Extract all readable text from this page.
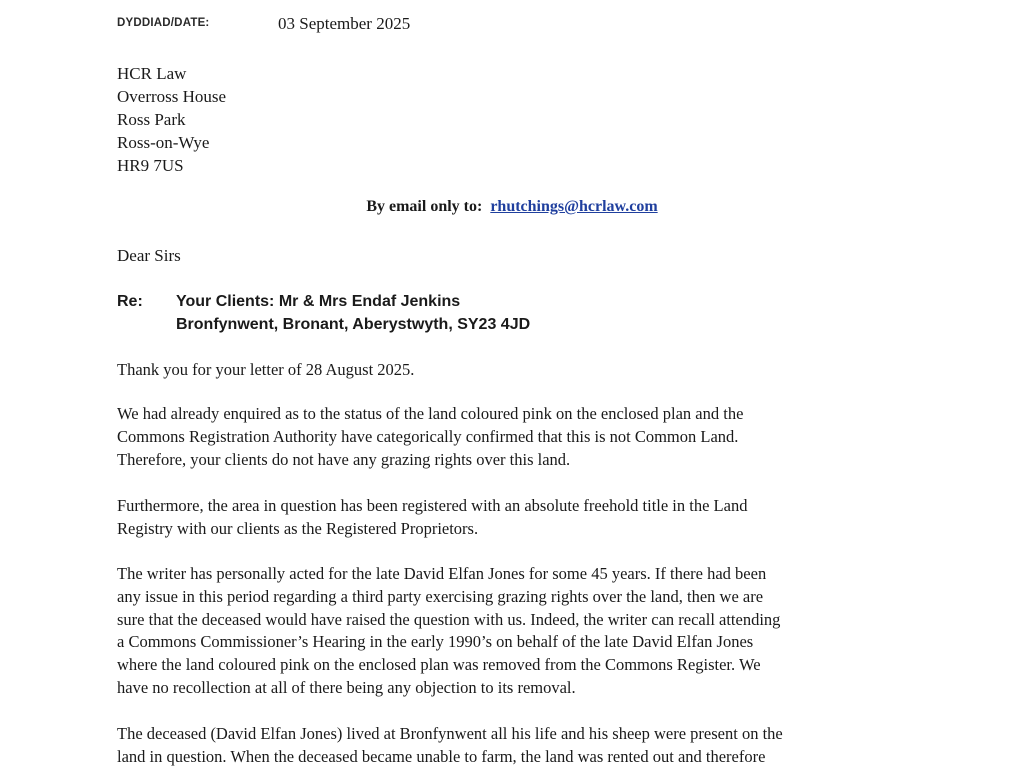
DYDDIAD/DATE:	03 September 2025
HCR Law
Overross House
Ross Park
Ross-on-Wye
HR9 7US
By email only to: rhutchings@hcrlaw.com
Dear Sirs
Re: Your Clients: Mr & Mrs Endaf Jenkins
Bronfynwent, Bronant, Aberystwyth, SY23 4JD
Thank you for your letter of 28 August 2025.
We had already enquired as to the status of the land coloured pink on the enclosed plan and the
Commons Registration Authority have categorically confirmed that this is not Common Land.
Therefore, your clients do not have any grazing rights over this land.
Furthermore, the area in question has been registered with an absolute freehold title in the Land
Registry with our clients as the Registered Proprietors.
The writer has personally acted for the late David Elfan Jones for some 45 years. If there had been
any issue in this period regarding a third party exercising grazing rights over the land, then we are
sure that the deceased would have raised the question with us. Indeed, the writer can recall attending
a Commons Commissioner’s Hearing in the early 1990’s on behalf of the late David Elfan Jones
where the land coloured pink on the enclosed plan was removed from the Commons Register. We
have no recollection at all of there being any objection to its removal.
The deceased (David Elfan Jones) lived at Bronfynwent all his life and his sheep were present on the
land in question. When the deceased became unable to farm, the land was rented out and therefore
